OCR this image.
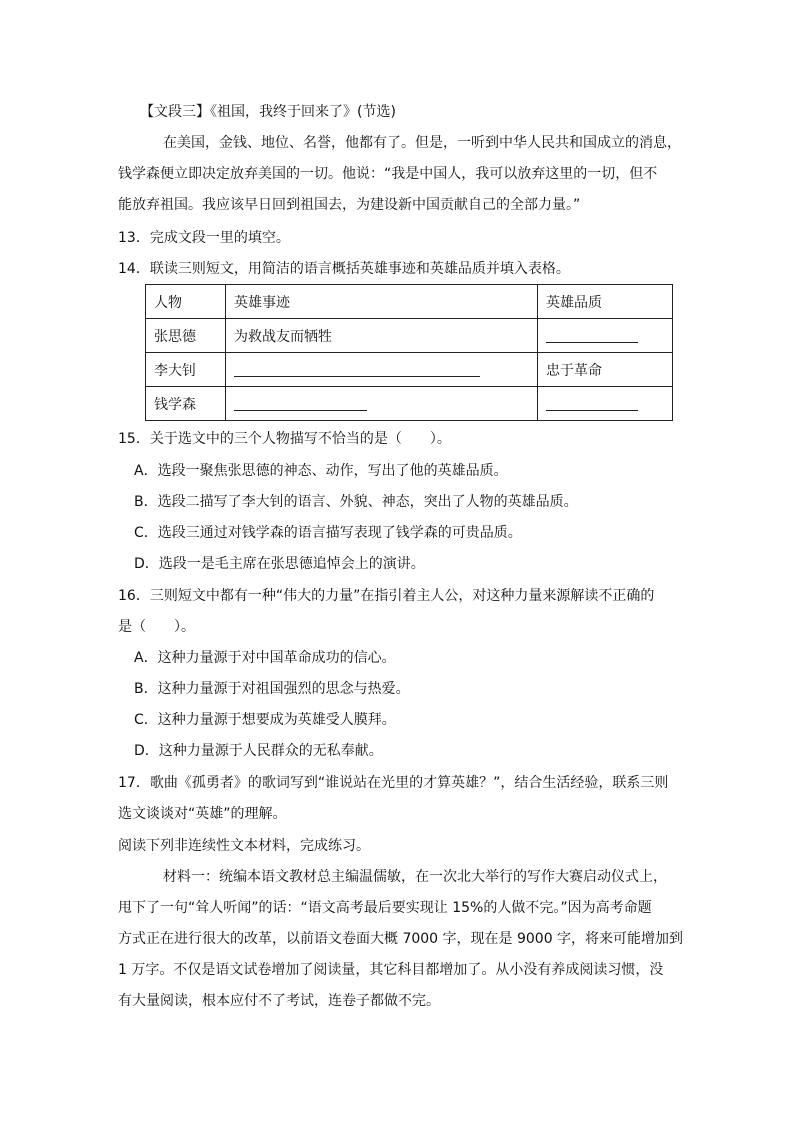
【文段三】《祖国，我终于回来了》(节选)
在美国，金钱、地位、名誉，他都有了。但是，一听到中华人民共和国成立的消息，
钱学森便立即决定放弃美国的一切。他说：“我是中国人，我可以放弃这里的一切，但不
能放弃祖国。我应该早日回到祖国去，为建设新中国贡献自己的全部力量。”
13．完成文段一里的填空。
14．联读三则短文，用简洁的语言概括英雄事迹和英雄品质并填入表格。
人物	英雄事迹	英雄品质
张思德	为救战友而牺牲	
李大钊		忠于革命
钱学森		
15．关于选文中的三个人物描写不恰当的是（　　）。
A．选段一聚焦张思德的神态、动作，写出了他的英雄品质。
B．选段二描写了李大钊的语言、外貌、神态，突出了人物的英雄品质。
C．选段三通过对钱学森的语言描写表现了钱学森的可贵品质。
D．选段一是毛主席在张思德追悼会上的演讲。
16．三则短文中都有一种“伟大的力量”在指引着主人公，对这种力量来源解读不正确的
是（　　）。
A．这种力量源于对中国革命成功的信心。
B．这种力量源于对祖国强烈的思念与热爱。
C．这种力量源于想要成为英雄受人膜拜。
D．这种力量源于人民群众的无私奉献。
17．歌曲《孤勇者》的歌词写到“谁说站在光里的才算英雄？”，结合生活经验，联系三则
选文谈谈对“英雄”的理解。
阅读下列非连续性文本材料，完成练习。
材料一：统编本语文教材总主编温儒敏，在一次北大举行的写作大赛启动仪式上，
甩下了一句“耸人听闻”的话：“语文高考最后要实现让 15%的人做不完。”因为高考命题
方式正在进行很大的改革，以前语文卷面大概 7000 字，现在是 9000 字，将来可能增加到
1 万字。不仅是语文试卷增加了阅读量，其它科目都增加了。从小没有养成阅读习惯，没
有大量阅读，根本应付不了考试，连卷子都做不完。
